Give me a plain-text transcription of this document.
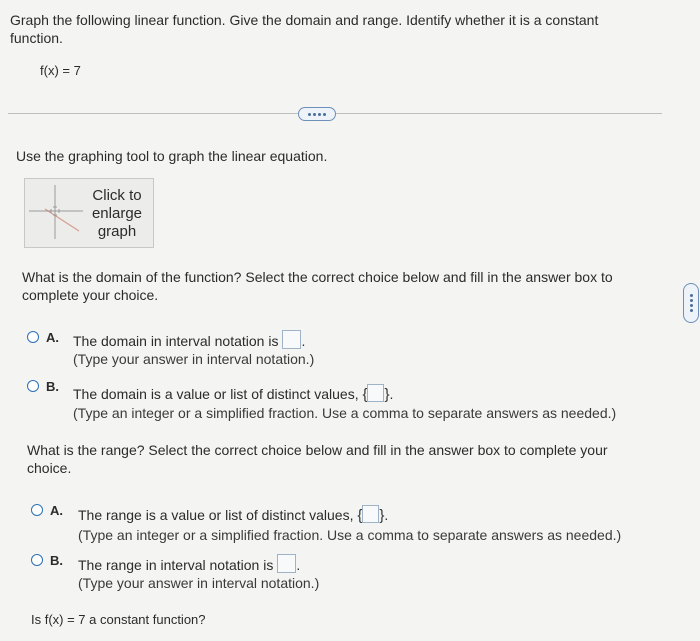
Graph the following linear function. Give the domain and range. Identify whether it is a constant
function.
f(x) = 7
Use the graphing tool to graph the linear equation.
Click to
enlarge
graph
What is the domain of the function? Select the correct choice below and fill in the answer box to
complete your choice.
A. The domain in interval notation is .
(Type your answer in interval notation.)
B. The domain is a value or list of distinct values, { }.
(Type an integer or a simplified fraction. Use a comma to separate answers as needed.)
What is the range? Select the correct choice below and fill in the answer box to complete your
choice.
A. The range is a value or list of distinct values, { }.
(Type an integer or a simplified fraction. Use a comma to separate answers as needed.)
B. The range in interval notation is .
(Type your answer in interval notation.)
Is f(x) = 7 a constant function?
